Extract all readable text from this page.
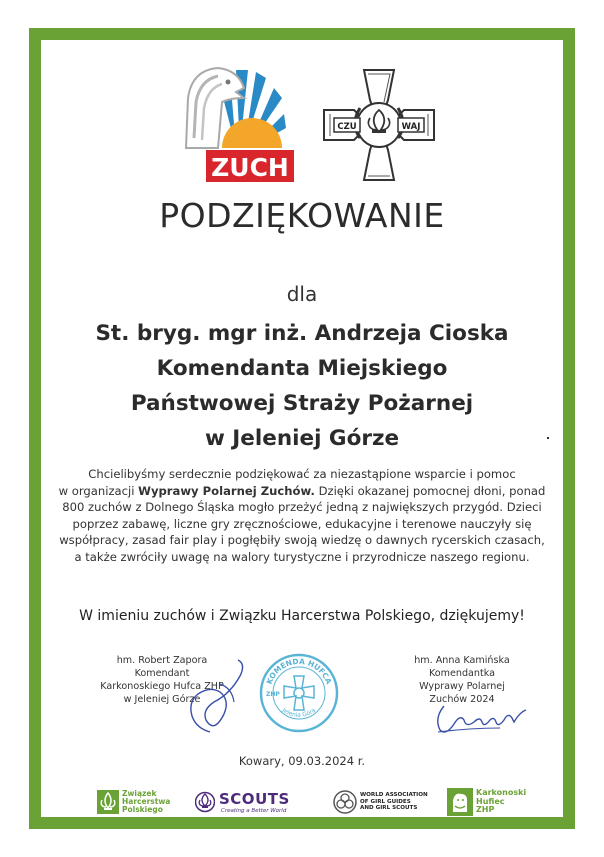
ZUCH
CZU	WAJ
PODZIĘKOWANIE
dla
St. bryg. mgr inż. Andrzeja Cioska
Komendanta Miejskiego
Państwowej Straży Pożarnej
w Jeleniej Górze
Chcielibyśmy serdecznie podziękować za niezastąpione wsparcie i pomoc
w organizacji Wyprawy Polarnej Zuchów. Dzięki okazanej pomocnej dłoni, ponad
800 zuchów z Dolnego Śląska mogło przeżyć jedną z największych przygód. Dzieci
poprzez zabawę, liczne gry zręcznościowe, edukacyjne i terenowe nauczyły się
współpracy, zasad fair play i pogłębiły swoją wiedzę o dawnych rycerskich czasach,
a także zwróciły uwagę na walory turystyczne i przyrodnicze naszego regionu.
W imieniu zuchów i Związku Harcerstwa Polskiego, dziękujemy!
hm. Robert Zapora
Komendant
Karkonoskiego Hufca ZHP
w Jeleniej Górze
KOMENDA HUFCA
Jelenia Góra
ZHP
hm. Anna Kamińska
Komendantka
Wyprawy Polarnej
Zuchów 2024
Kowary, 09.03.2024 r.
Związek
Harcerstwa
Polskiego
SCOUTS
Creating a Better World
WORLD ASSOCIATION
OF GIRL GUIDES
AND GIRL SCOUTS
Karkonoski
Hufiec
ZHP
